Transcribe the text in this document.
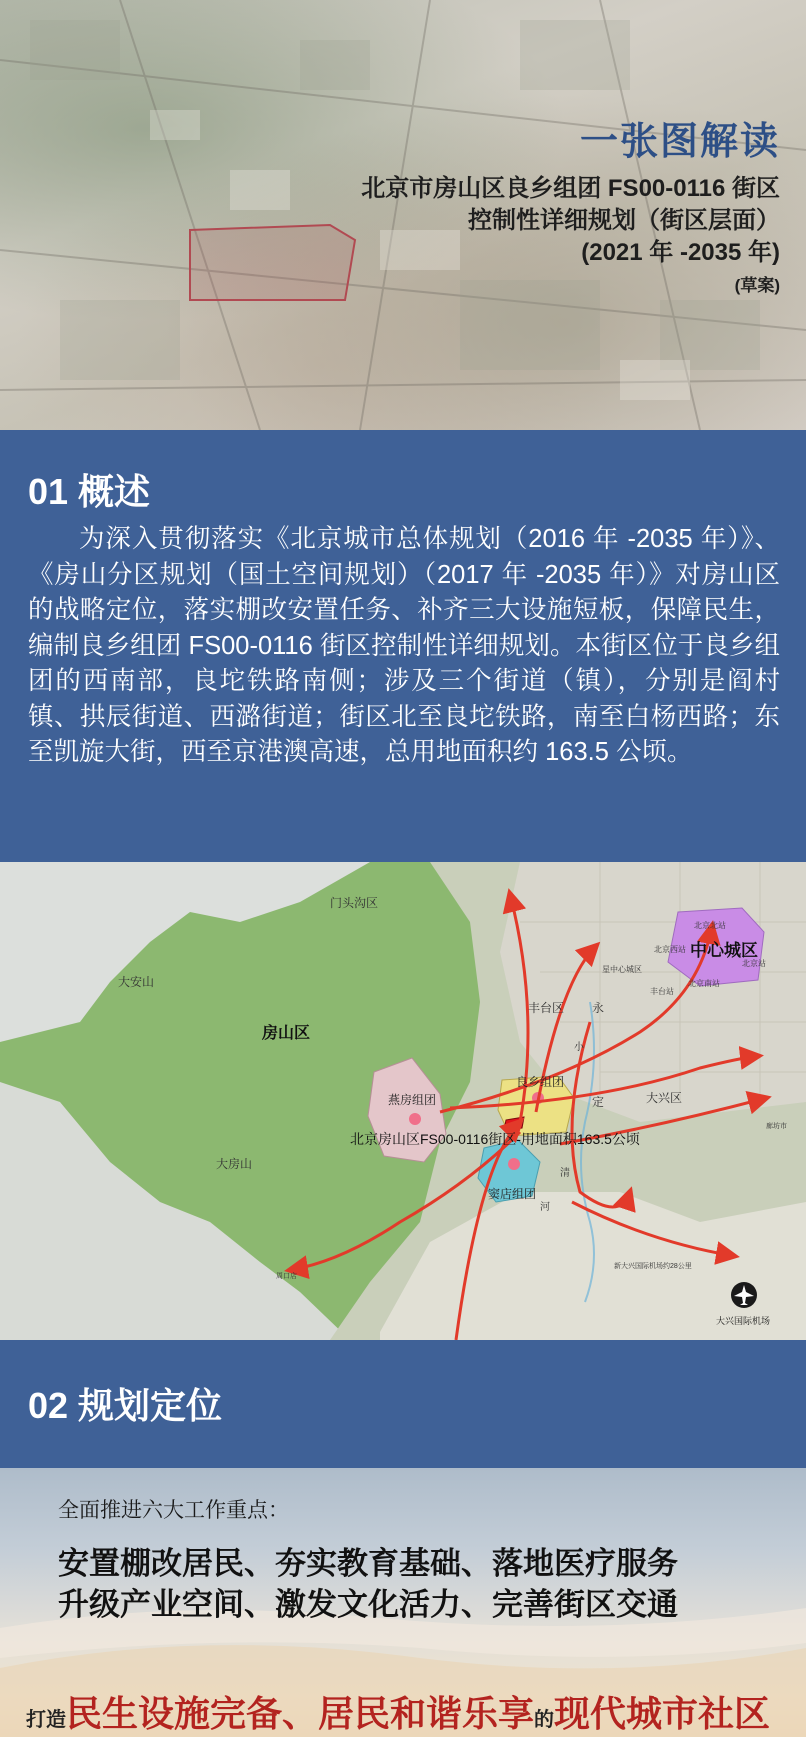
一张图解读
北京市房山区良乡组团 FS00-0116 街区
控制性详细规划（街区层面）
(2021 年 -2035 年)
(草案)
01 概述
为深入贯彻落实《北京城市总体规划（2016 年 -2035 年）》、《房山分区规划（国土空间规划）（2017 年 -2035 年）》对房山区的战略定位，落实棚改安置任务、补齐三大设施短板，保障民生，编制良乡组团 FS00-0116 街区控制性详细规划。本街区位于良乡组团的西南部，良坨铁路南侧；涉及三个街道（镇），分别是阎村镇、拱辰街道、西潞街道；街区北至良坨铁路，南至白杨西路；东至凯旋大街，西至京港澳高速，总用地面积约 163.5 公顷。
门头沟区
中心城区
北京北站
北京站
北京西站
北京南站
星中心城区
丰台站
丰台区 永
定
小
清
河
大安山
房山区
燕房组团
良乡组团
大兴区
北京房山区FS00-0116街区-用地面积163.5公顷
大房山
窦店组团
廊坊市
新大兴国际机场约28公里
周口店
大兴国际机场
02 规划定位
全面推进六大工作重点：
安置棚改居民、夯实教育基础、落地医疗服务
升级产业空间、激发文化活力、完善街区交通
打造民生设施完备、居民和谐乐享的现代城市社区
